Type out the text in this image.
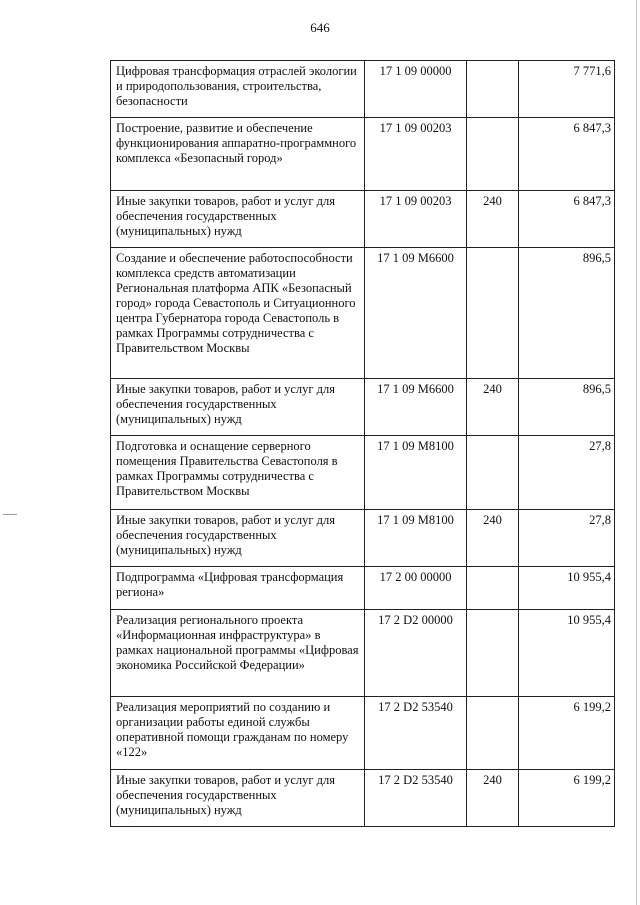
646
Цифровая трансформация отраслей экологии и природопользования, строительства, безопасности	17 1 09 00000		7 771,6
Построение, развитие и обеспечение функционирования аппаратно-программного комплекса «Безопасный город»	17 1 09 00203		6 847,3
Иные закупки товаров, работ и услуг для обеспечения государственных (муниципальных) нужд	17 1 09 00203	240	6 847,3
Создание и обеспечение работоспособности комплекса средств автоматизации Региональная платформа АПК «Безопасный город» города Севастополь и Ситуационного центра Губернатора города Севастополь в рамках Программы сотрудничества с Правительством Москвы	17 1 09 М6600		896,5
Иные закупки товаров, работ и услуг для обеспечения государственных (муниципальных) нужд	17 1 09 М6600	240	896,5
Подготовка и оснащение серверного помещения Правительства Севастополя в рамках Программы сотрудничества с Правительством Москвы	17 1 09 М8100		27,8
Иные закупки товаров, работ и услуг для обеспечения государственных (муниципальных) нужд	17 1 09 М8100	240	27,8
Подпрограмма «Цифровая трансформация региона»	17 2 00 00000		10 955,4
Реализация регионального проекта «Информационная инфраструктура» в рамках национальной программы «Цифровая экономика Российской Федерации»	17 2 D2 00000		10 955,4
Реализация мероприятий по созданию и организации работы единой службы оперативной помощи гражданам по номеру «122»	17 2 D2 53540		6 199,2
Иные закупки товаров, работ и услуг для обеспечения государственных (муниципальных) нужд	17 2 D2 53540	240	6 199,2
